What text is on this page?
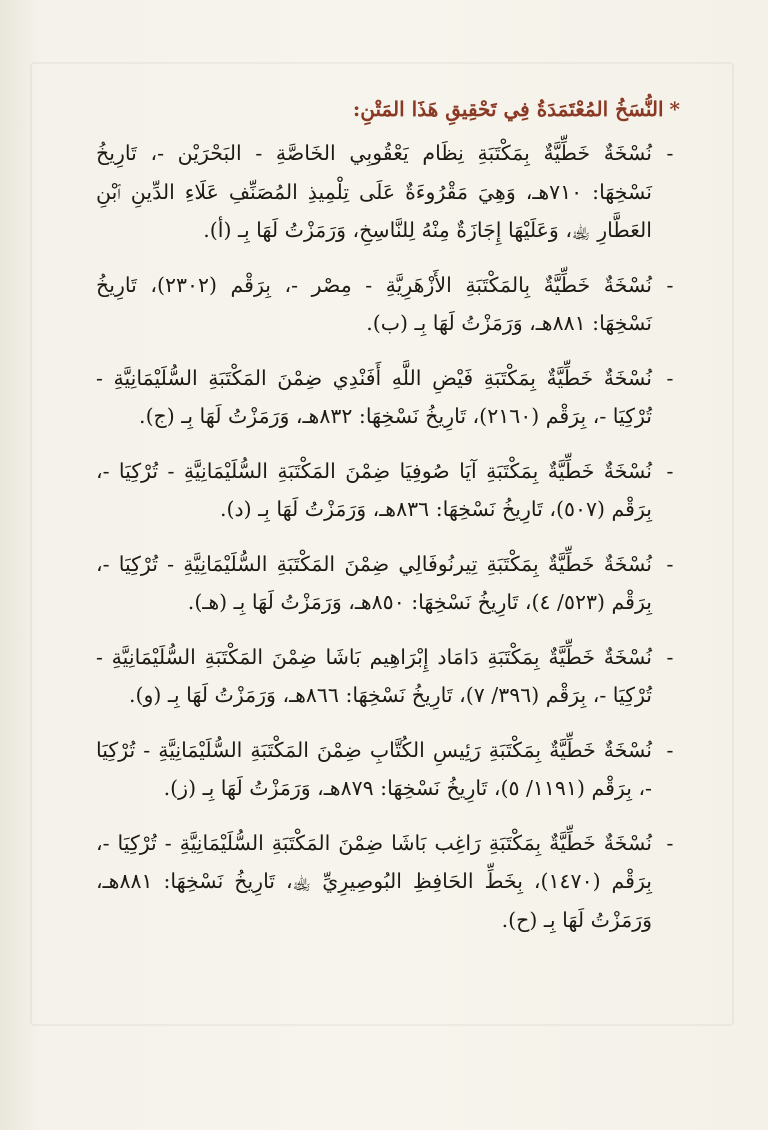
*النُّسَخُ المُعْتَمَدَةُ فِي تَحْقِيقِ هَذَا المَتْنِ:
-
نُسْخَةٌ خَطِّيَّةٌ بِمَكْتَبَةِ نِظَام يَعْقُوبِي الخَاصَّةِ - البَحْرَيْن -، تَارِيخُ نَسْخِهَا: ٧١٠هـ، وَهِيَ مَقْرُوءَةٌ عَلَى تِلْمِيذِ المُصَنِّفِ عَلَاءِ الدِّينِ ٱبْنِ العَطَّارِ ﵀، وَعَلَيْهَا إِجَازَةٌ مِنْهُ لِلنَّاسِخِ، وَرَمَزْتُ لَهَا بِـ (أ).
-
نُسْخَةٌ خَطِّيَّةٌ بِالمَكْتَبَةِ الأَزْهَرِيَّةِ - مِصْر -، بِرَقْم (٢٣٠٢)، تَارِيخُ نَسْخِهَا: ٨٨١هـ، وَرَمَزْتُ لَهَا بِـ (ب).
-
نُسْخَةٌ خَطِّيَّةٌ بِمَكْتَبَةِ فَيْضِ اللَّهِ أَفَنْدِي ضِمْنَ المَكْتَبَةِ السُّلَيْمَانِيَّةِ - تُرْكِيَا -، بِرَقْم (٢١٦٠)، تَارِيخُ نَسْخِهَا: ٨٣٢هـ، وَرَمَزْتُ لَهَا بِـ (ج).
-
نُسْخَةٌ خَطِّيَّةٌ بِمَكْتَبَةِ آيَا صُوفِيَا ضِمْنَ المَكْتَبَةِ السُّلَيْمَانِيَّةِ - تُرْكِيَا -، بِرَقْم (٥٠٧)، تَارِيخُ نَسْخِهَا: ٨٣٦هـ، وَرَمَزْتُ لَهَا بِـ (د).
-
نُسْخَةٌ خَطِّيَّةٌ بِمَكْتَبَةِ تِيرنُوفَالِي ضِمْنَ المَكْتَبَةِ السُّلَيْمَانِيَّةِ - تُرْكِيَا -، بِرَقْم (٥٢٣/ ٤)، تَارِيخُ نَسْخِهَا: ٨٥٠هـ، وَرَمَزْتُ لَهَا بِـ (هـ).
-
نُسْخَةٌ خَطِّيَّةٌ بِمَكْتَبَةِ دَامَاد إِبْرَاهِيم بَاشَا ضِمْنَ المَكْتَبَةِ السُّلَيْمَانِيَّةِ - تُرْكِيَا -، بِرَقْم (٣٩٦/ ٧)، تَارِيخُ نَسْخِهَا: ٨٦٦هـ، وَرَمَزْتُ لَهَا بِـ (و).
-
نُسْخَةٌ خَطِّيَّةٌ بِمَكْتَبَةِ رَئِيسِ الكُتَّابِ ضِمْنَ المَكْتَبَةِ السُّلَيْمَانِيَّةِ - تُرْكِيَا -، بِرَقْم (١١٩١/ ٥)، تَارِيخُ نَسْخِهَا: ٨٧٩هـ، وَرَمَزْتُ لَهَا بِـ (ز).
-
نُسْخَةٌ خَطِّيَّةٌ بِمَكْتَبَةِ رَاغِب بَاشَا ضِمْنَ المَكْتَبَةِ السُّلَيْمَانِيَّةِ - تُرْكِيَا -، بِرَقْم (١٤٧٠)، بِخَطِّ الحَافِظِ البُوصِيرِيِّ ﵀، تَارِيخُ نَسْخِهَا: ٨٨١هـ، وَرَمَزْتُ لَهَا بِـ (ح).
